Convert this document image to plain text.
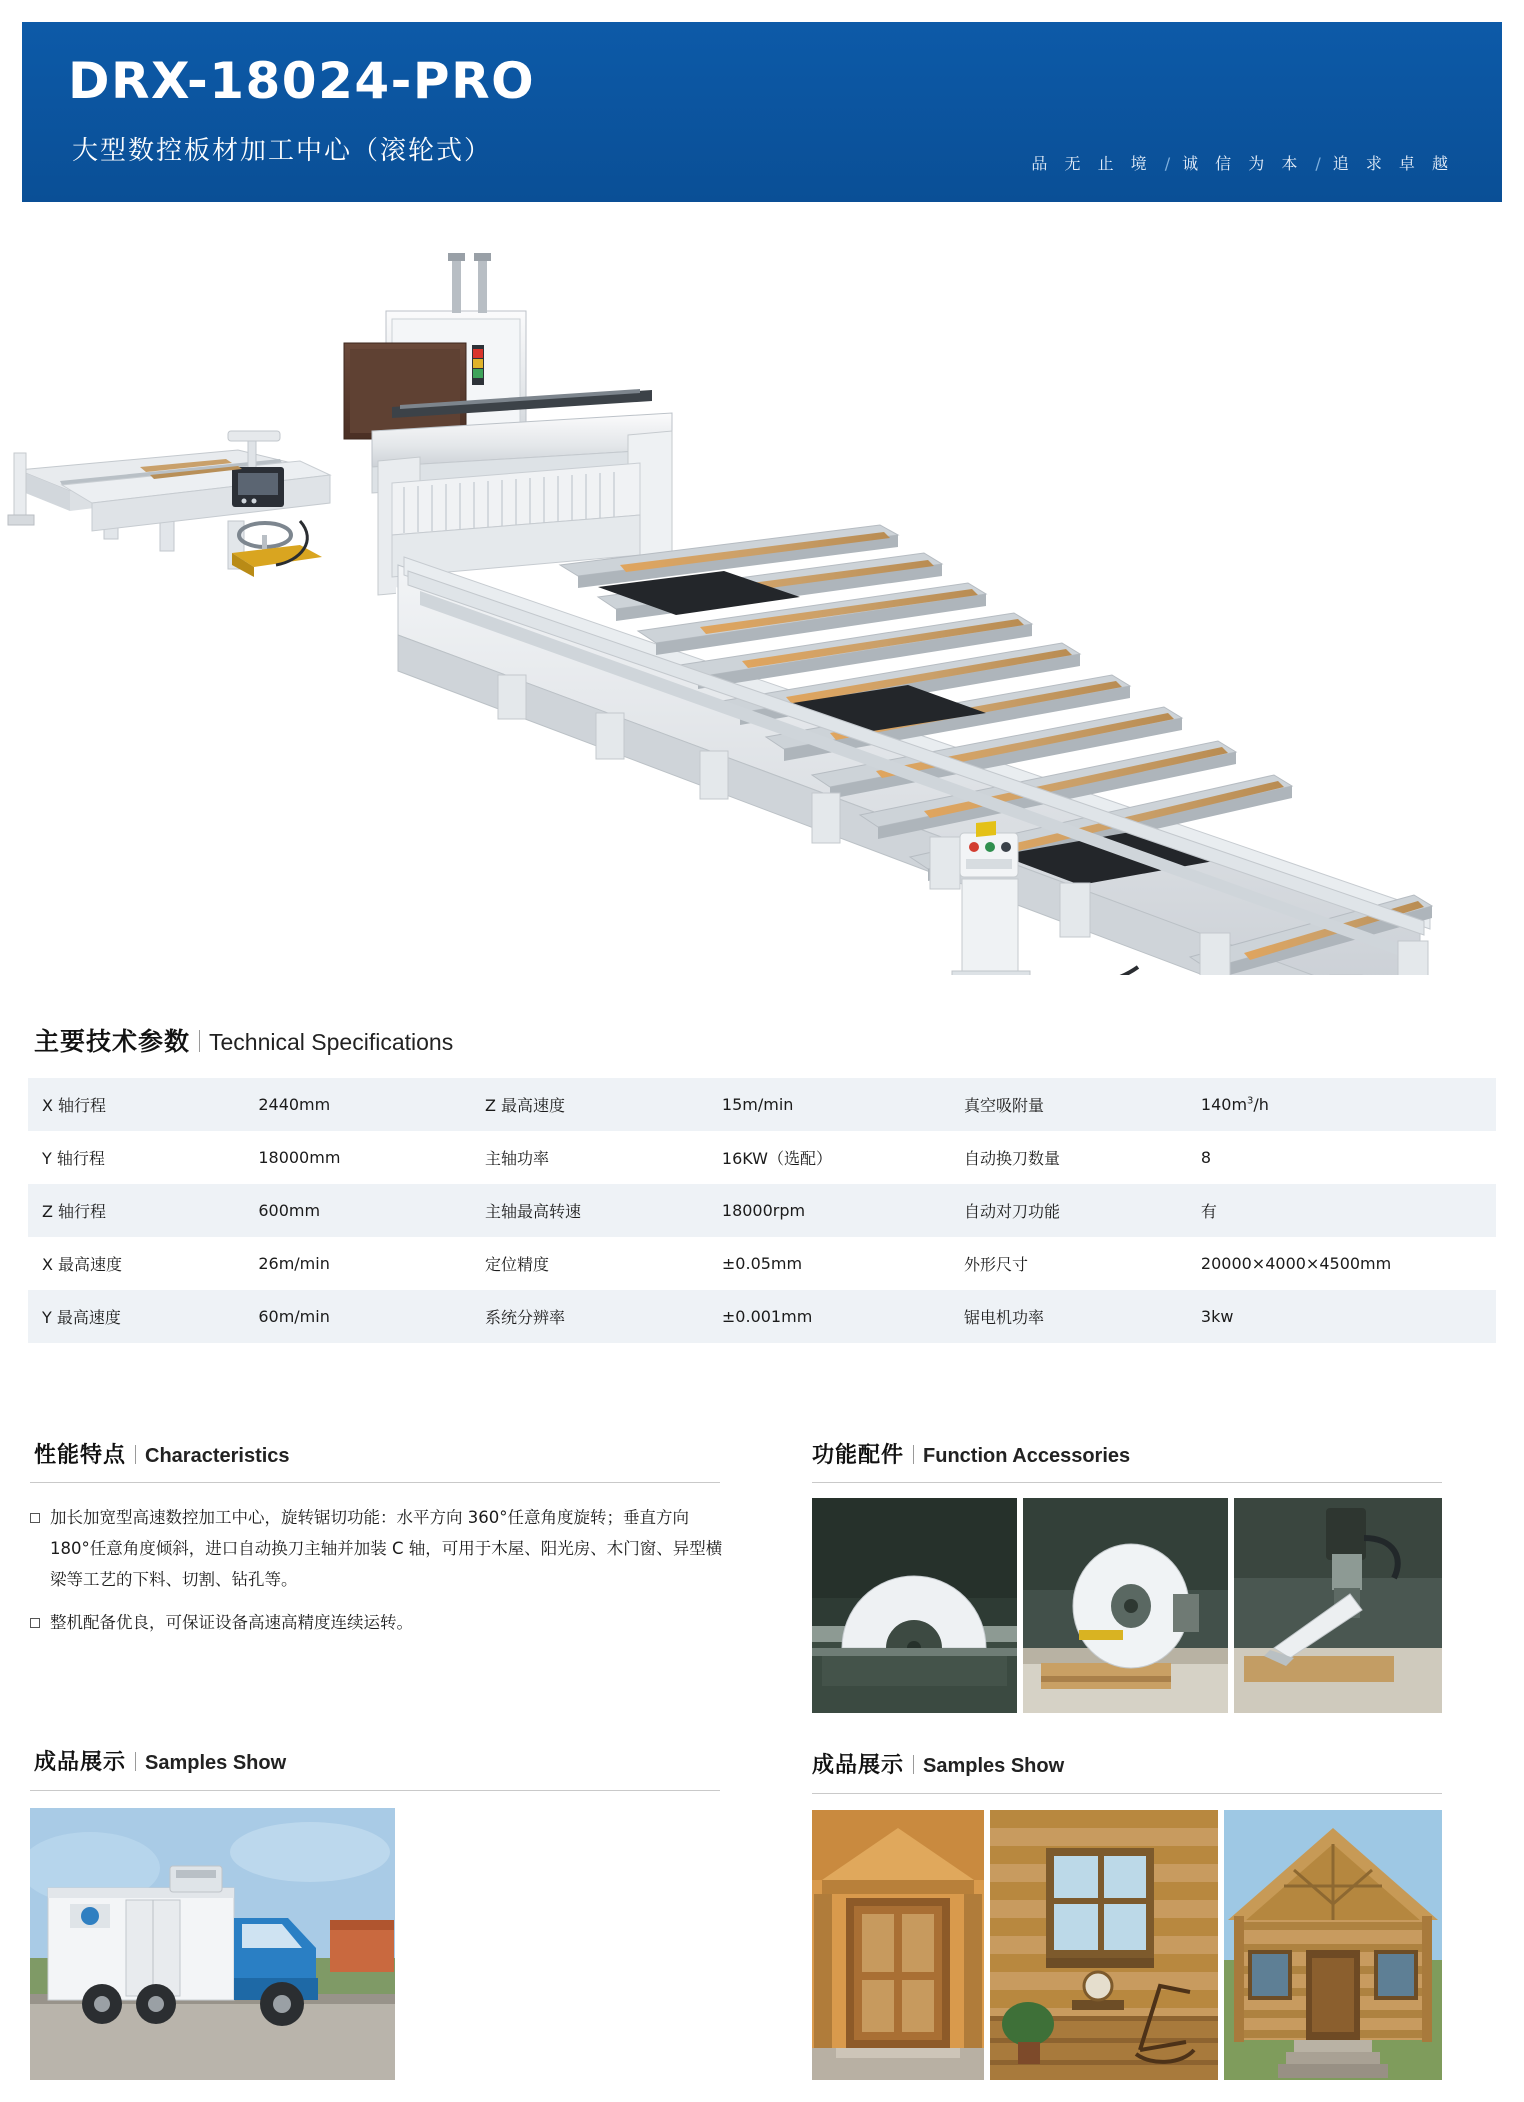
DRX-18024-PRO
大型数控板材加工中心（滚轮式）	品 无 止 境 / 诚 信 为 本 / 追 求 卓 越
主要技术参数 Technical Specifications
X 轴行程	2440mm	Z 最高速度	15m/min	真空吸附量	$140m^3/h$
Y 轴行程	18000mm	主轴功率	16KW（选配）	自动换刀数量	8
Z 轴行程	600mm	主轴最高转速	18000rpm	自动对刀功能	有
X 最高速度	26m/min	定位精度	±0.05mm	外形尺寸	20000×4000×4500mm
Y 最高速度	60m/min	系统分辨率	±0.001mm	锯电机功率	3kw
性能特点 Characteristics
加长加宽型高速数控加工中心，旋转锯切功能：水平方向 360°任意角度旋转；垂直方向 180°任意角度倾斜，进口自动换刀主轴并加装 C 轴，可用于木屋、阳光房、木门窗、异型横梁等工艺的下料、切割、钻孔等。
整机配备优良，可保证设备高速高精度连续运转。
功能配件 Function Accessories
成品展示 Samples Show	成品展示 Samples Show
